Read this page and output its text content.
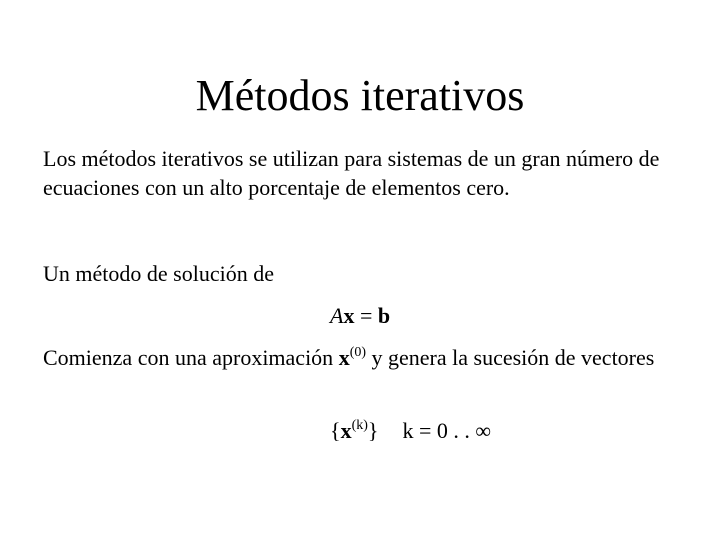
Métodos iterativos
Los métodos iterativos se utilizan para sistemas de un gran número de ecuaciones con un alto porcentaje de elementos cero.
Un método de solución de
Ax = b
Comienza con una aproximación $x^{(0)}$ y genera la sucesión de vectores
$\{x^{(k)}\} k = 0$ . . ∞
